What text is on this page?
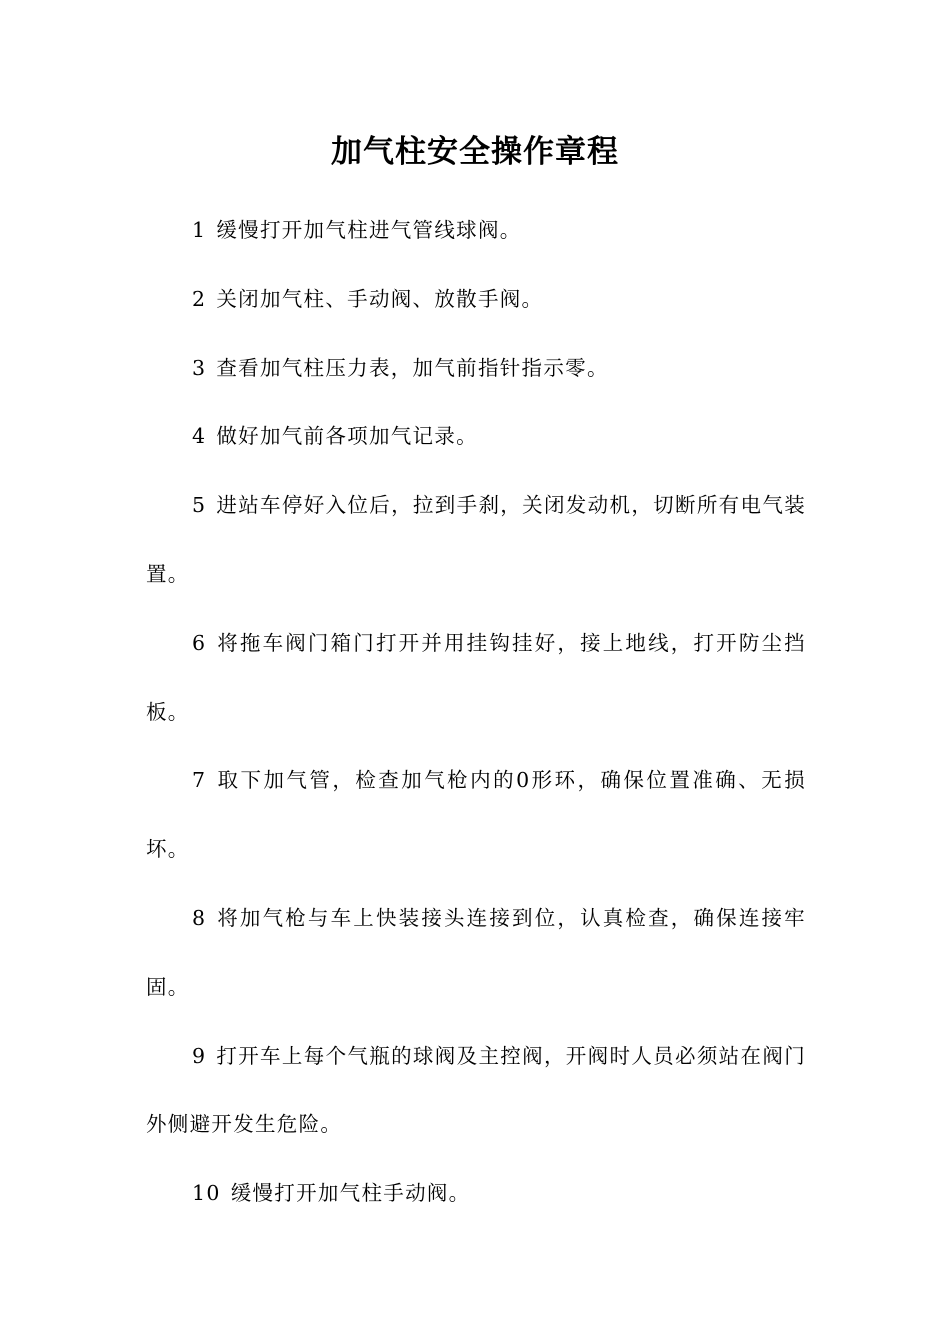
加气柱安全操作章程

1 缓慢打开加气柱进气管线球阀。

2 关闭加气柱、手动阀、放散手阀。

3 查看加气柱压力表，加气前指针指示零。

4 做好加气前各项加气记录。

5 进站车停好入位后，拉到手刹，关闭发动机，切断所有电气装置。

6 将拖车阀门箱门打开并用挂钩挂好，接上地线，打开防尘挡板。

7 取下加气管，检查加气枪内的0形环，确保位置准确、无损坏。

8 将加气枪与车上快装接头连接到位，认真检查，确保连接牢固。

9 打开车上每个气瓶的球阀及主控阀，开阀时人员必须站在阀门外侧避开发生危险。

10 缓慢打开加气柱手动阀。
